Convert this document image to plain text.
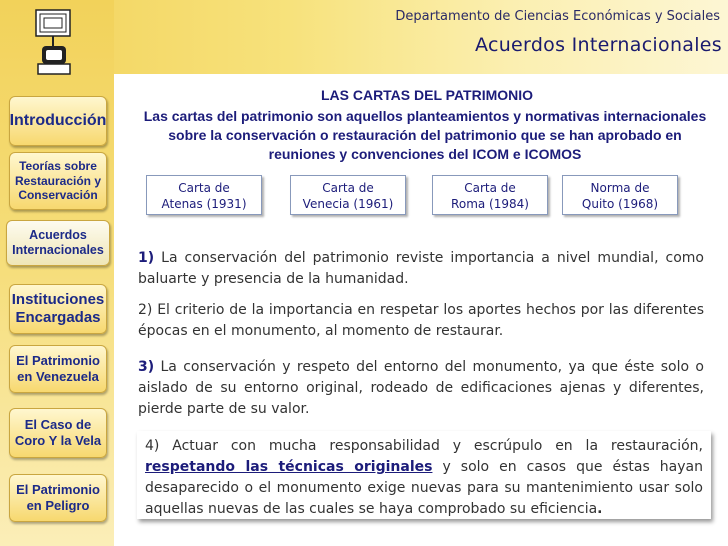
Departamento de Ciencias Económicas y Sociales
Acuerdos Internacionales
Introducción
Teorías sobre Restauración y Conservación
Acuerdos Internacionales
Instituciones Encargadas
El Patrimonio en Venezuela
El Caso de Coro Y la Vela
El Patrimonio en Peligro
LAS CARTAS DEL PATRIMONIO
Las cartas del patrimonio son aquellos planteamientos y normativas internacionales sobre la conservación o restauración del patrimonio que se han aprobado en reuniones y convenciones del ICOM e ICOMOS
Carta de
Atenas (1931)
Carta de
Venecia (1961)
Carta de
Roma (1984)
Norma de
Quito (1968)
1) La conservación del patrimonio reviste importancia a nivel mundial, como baluarte y presencia de la humanidad.
2) El criterio de la importancia en respetar los aportes hechos por las diferentes épocas en el monumento, al momento de restaurar.
3) La conservación y respeto del entorno del monumento, ya que éste solo o aislado de su entorno original, rodeado de edificaciones ajenas y diferentes, pierde parte de su valor.
4) Actuar con mucha responsabilidad y escrúpulo en la restauración, respetando las técnicas originales y solo en casos que éstas hayan desaparecido o el monumento exige nuevas para su mantenimiento usar solo aquellas nuevas de las cuales se haya comprobado su eficiencia.
